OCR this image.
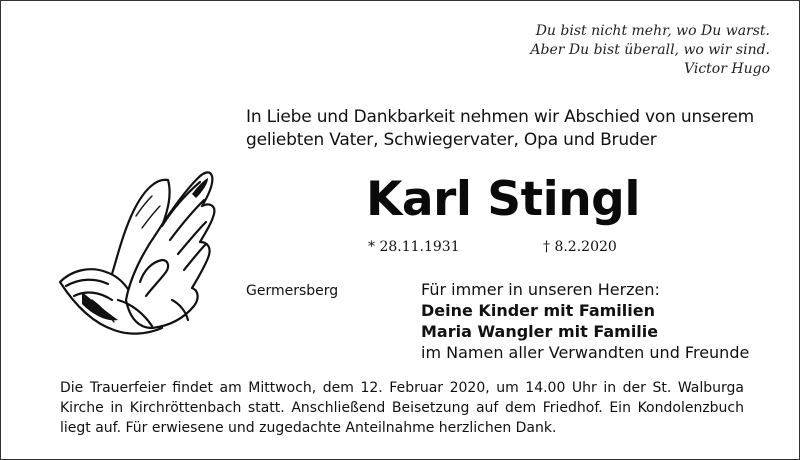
Du bist nicht mehr, wo Du warst.
Aber Du bist überall, wo wir sind.
Victor Hugo
In Liebe und Dankbarkeit nehmen wir Abschied von unserem
geliebten Vater, Schwiegervater, Opa und Bruder
Karl Stingl
* 28.11.1931	† 8.2.2020
Germersberg	Für immer in unseren Herzen:
Deine Kinder mit Familien
Maria Wangler mit Familie
im Namen aller Verwandten und Freunde
Die Trauerfeier findet am Mittwoch, dem 12. Februar 2020, um 14.00 Uhr in der St. Walburga Kirche in Kirchröttenbach statt. Anschließend Beisetzung auf dem Friedhof. Ein Kondolenzbuch liegt auf. Für erwiesene und zugedachte Anteilnahme herzlichen Dank.
